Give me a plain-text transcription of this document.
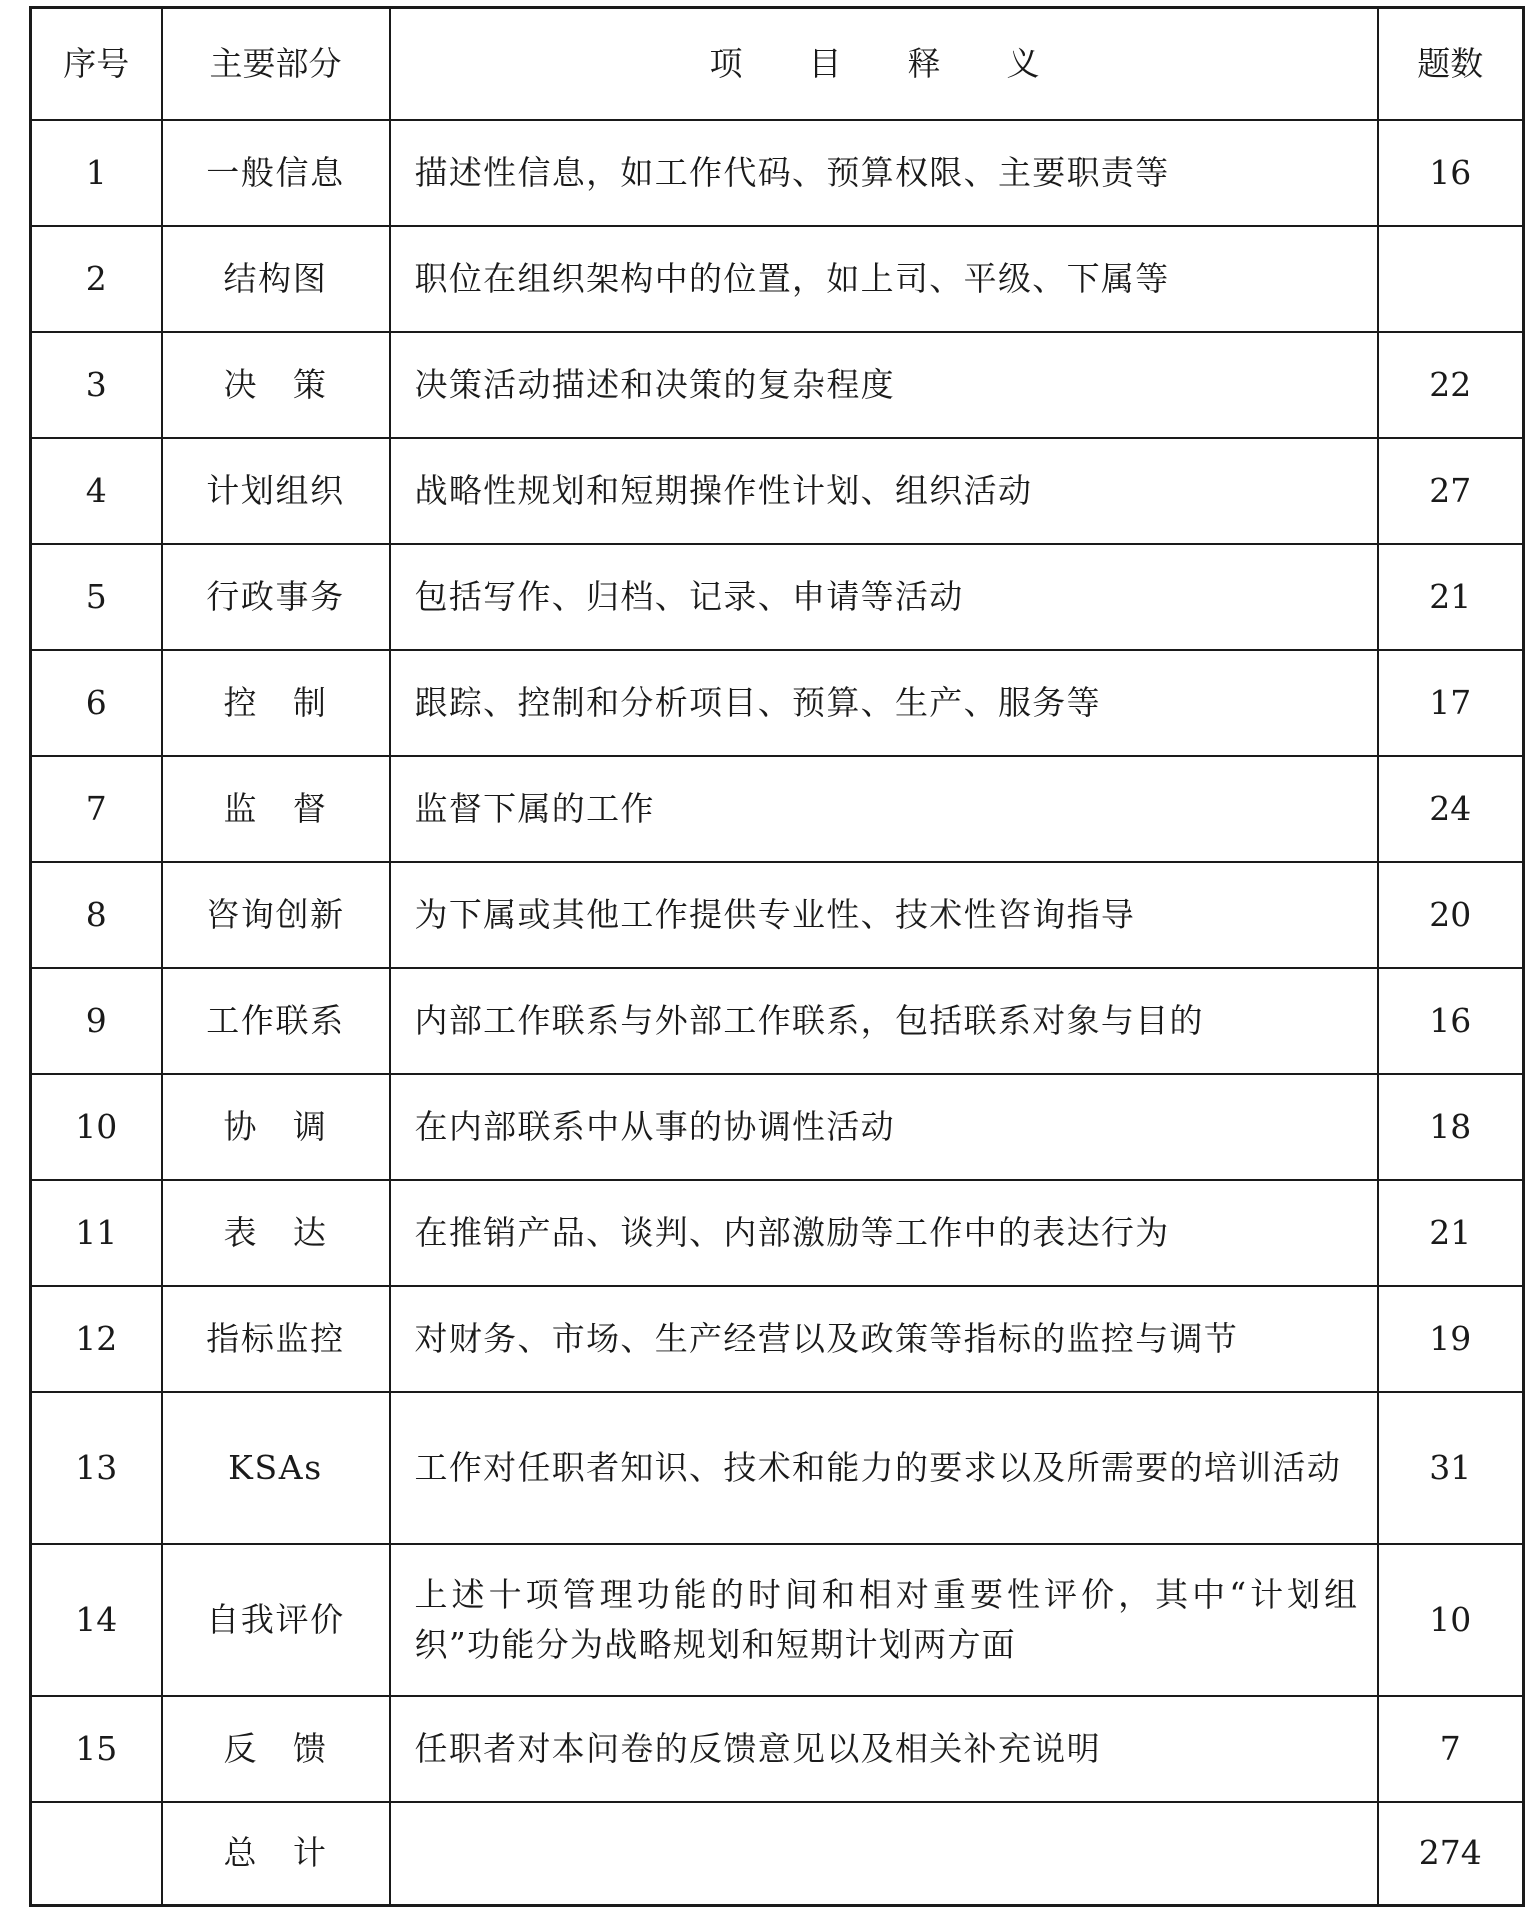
序号	主要部分	项　　目　　释　　义	题数
1	一般信息	描述性信息，如工作代码、预算权限、主要职责等	16
2	结构图	职位在组织架构中的位置，如上司、平级、下属等	

3	决　策	决策活动描述和决策的复杂程度	22
4	计划组织	战略性规划和短期操作性计划、组织活动	27
5	行政事务	包括写作、归档、记录、申请等活动	21
6	控　制	跟踪、控制和分析项目、预算、生产、服务等	17
7	监　督	监督下属的工作	24
8	咨询创新	为下属或其他工作提供专业性、技术性咨询指导	20
9	工作联系	内部工作联系与外部工作联系，包括联系对象与目的	16
10	协　调	在内部联系中从事的协调性活动	18
11	表　达	在推销产品、谈判、内部激励等工作中的表达行为	21
12	指标监控	对财务、市场、生产经营以及政策等指标的监控与调节	19
13	KSAs	工作对任职者知识、技术和能力的要求以及所需要的培训活动	31
14	自我评价	上述十项管理功能的时间和相对重要性评价，其中“计划组织”功能分为战略规划和短期计划两方面	10
15	反　馈	任职者对本问卷的反馈意见以及相关补充说明	7
	总　计		274
